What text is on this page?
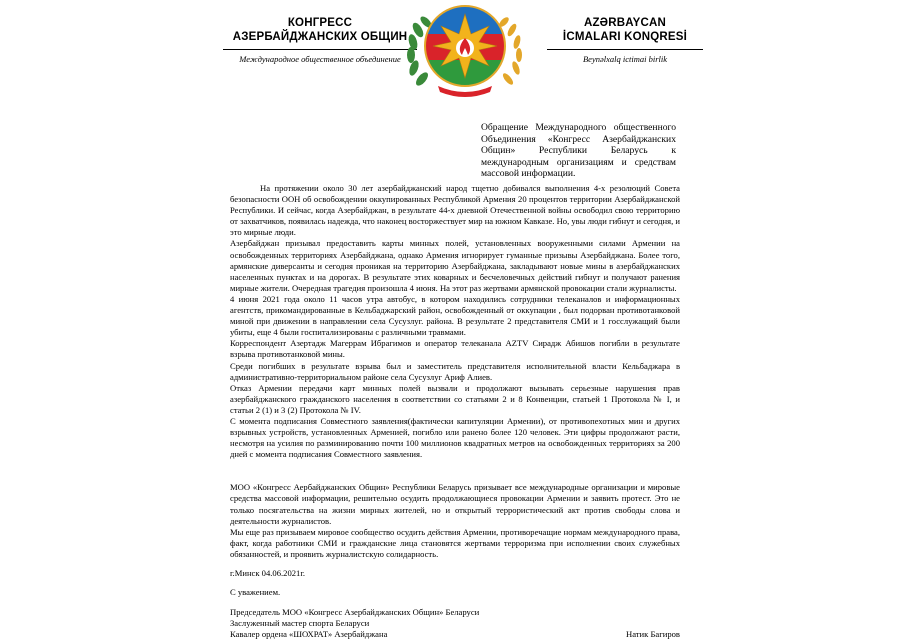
КОНГРЕСС
АЗЕРБАЙДЖАНСКИХ ОБЩИН
Международное общественное объединение
AZƏRBAYCAN
İCMALARI KONQRESİ
Beynəlxalq ictimai birlik
Обращение Международного общественного Объединения «Конгресс Азербайджанских Общин» Республики Беларусь к международным организациям и средствам массовой информации.

На протяжении около 30 лет азербайджанский народ тщетно добивался выполнения 4-х резолюций Совета безопасности ООН об освобождении оккупированных Республикой Армения 20 процентов территории Азербайджанской Республики. И сейчас, когда Азербайджан, в результате 44-х дневной Отечественной войны освободил свою территорию от захватчиков, появилась надежда, что наконец восторжествует мир на южном Кавказе. Но, увы люди гибнут и сегодня, и это мирные люди.

Азербайджан призывал предоставить карты минных полей, установленных вооруженными силами Армении на освобожденных территориях Азербайджана, однако Армения игнорирует гуманные призывы Азербайджана. Более того, армянские диверсанты и сегодня проникая на территорию Азербайджана, закладывают новые мины в азербайджанских населенных пунктах и на дорогах. В результате этих коварных и бесчеловечных действий гибнут и получают ранения мирные жители. Очередная трагедия произошла 4 июня. На этот раз жертвами армянской провокации стали журналисты.

4 июня 2021 года около 11 часов утра автобус, в котором находились сотрудники телеканалов и информационных агентств, прикомандированные в Кельбаджарский район, освобожденный от оккупации , был подорван противотанковой миной при движении в направлении села Сусузлуг. района. В результате 2 представителя СМИ и 1 госслужащий были убиты, еще 4 были госпитализированы с различными травмами.

Корреспондент Азертадж Магеррам Ибрагимов и оператор телеканала AZTV Сирадж Абишов погибли в результате взрыва противотанковой мины.

Среди погибших в результате взрыва был и заместитель представителя исполнительной власти Кельбаджара в административно-территориальном районе села Сусузлуг Ариф Алиев.

Отказ Армении передачи карт минных полей вызвали и продолжают вызывать серьезные нарушения прав азербайджанского гражданского населения в соответствии со статьями 2 и 8 Конвенции, статьей 1 Протокола № I, и статьи 2 (1) и 3 (2) Протокола № IV.

С момента подписания Совместного заявления(фактически капитуляции Армении), от противопехотных мин и других взрывных устройств, установленных Арменией, погибло или ранено более 120 человек. Эти цифры продолжают расти, несмотря на усилия по разминированию почти 100 миллионов квадратных метров на освобожденных территориях за 200 дней с момента подписания Совместного заявления.

МОО «Конгресс Аербайджанских Общин» Республики Беларусь призывает все международные организации и мировые средства массовой информации, решительно осудить продолжающиеся провокации Армении и заявить протест. Это не только посягательства на жизни мирных жителей, но и открытый террористический акт против свободы слова и деятельности журналистов.

Мы еще раз призываем мировое сообщество осудить действия Армении, противоречащие нормам международного права, факт, когда работники СМИ и гражданские лица становятся жертвами терроризма при исполнении своих служебных обязанностей, и проявить журналистскую солидарность.

г.Минск 04.06.2021г.

С уважением.

Председатель МОО «Конгресс Азербайджанских Общин» Беларуси

Заслуженный мастер спорта Беларуси

Кавалер ордена «ШОХРАТ» Азербайджана	Натик Багиров
